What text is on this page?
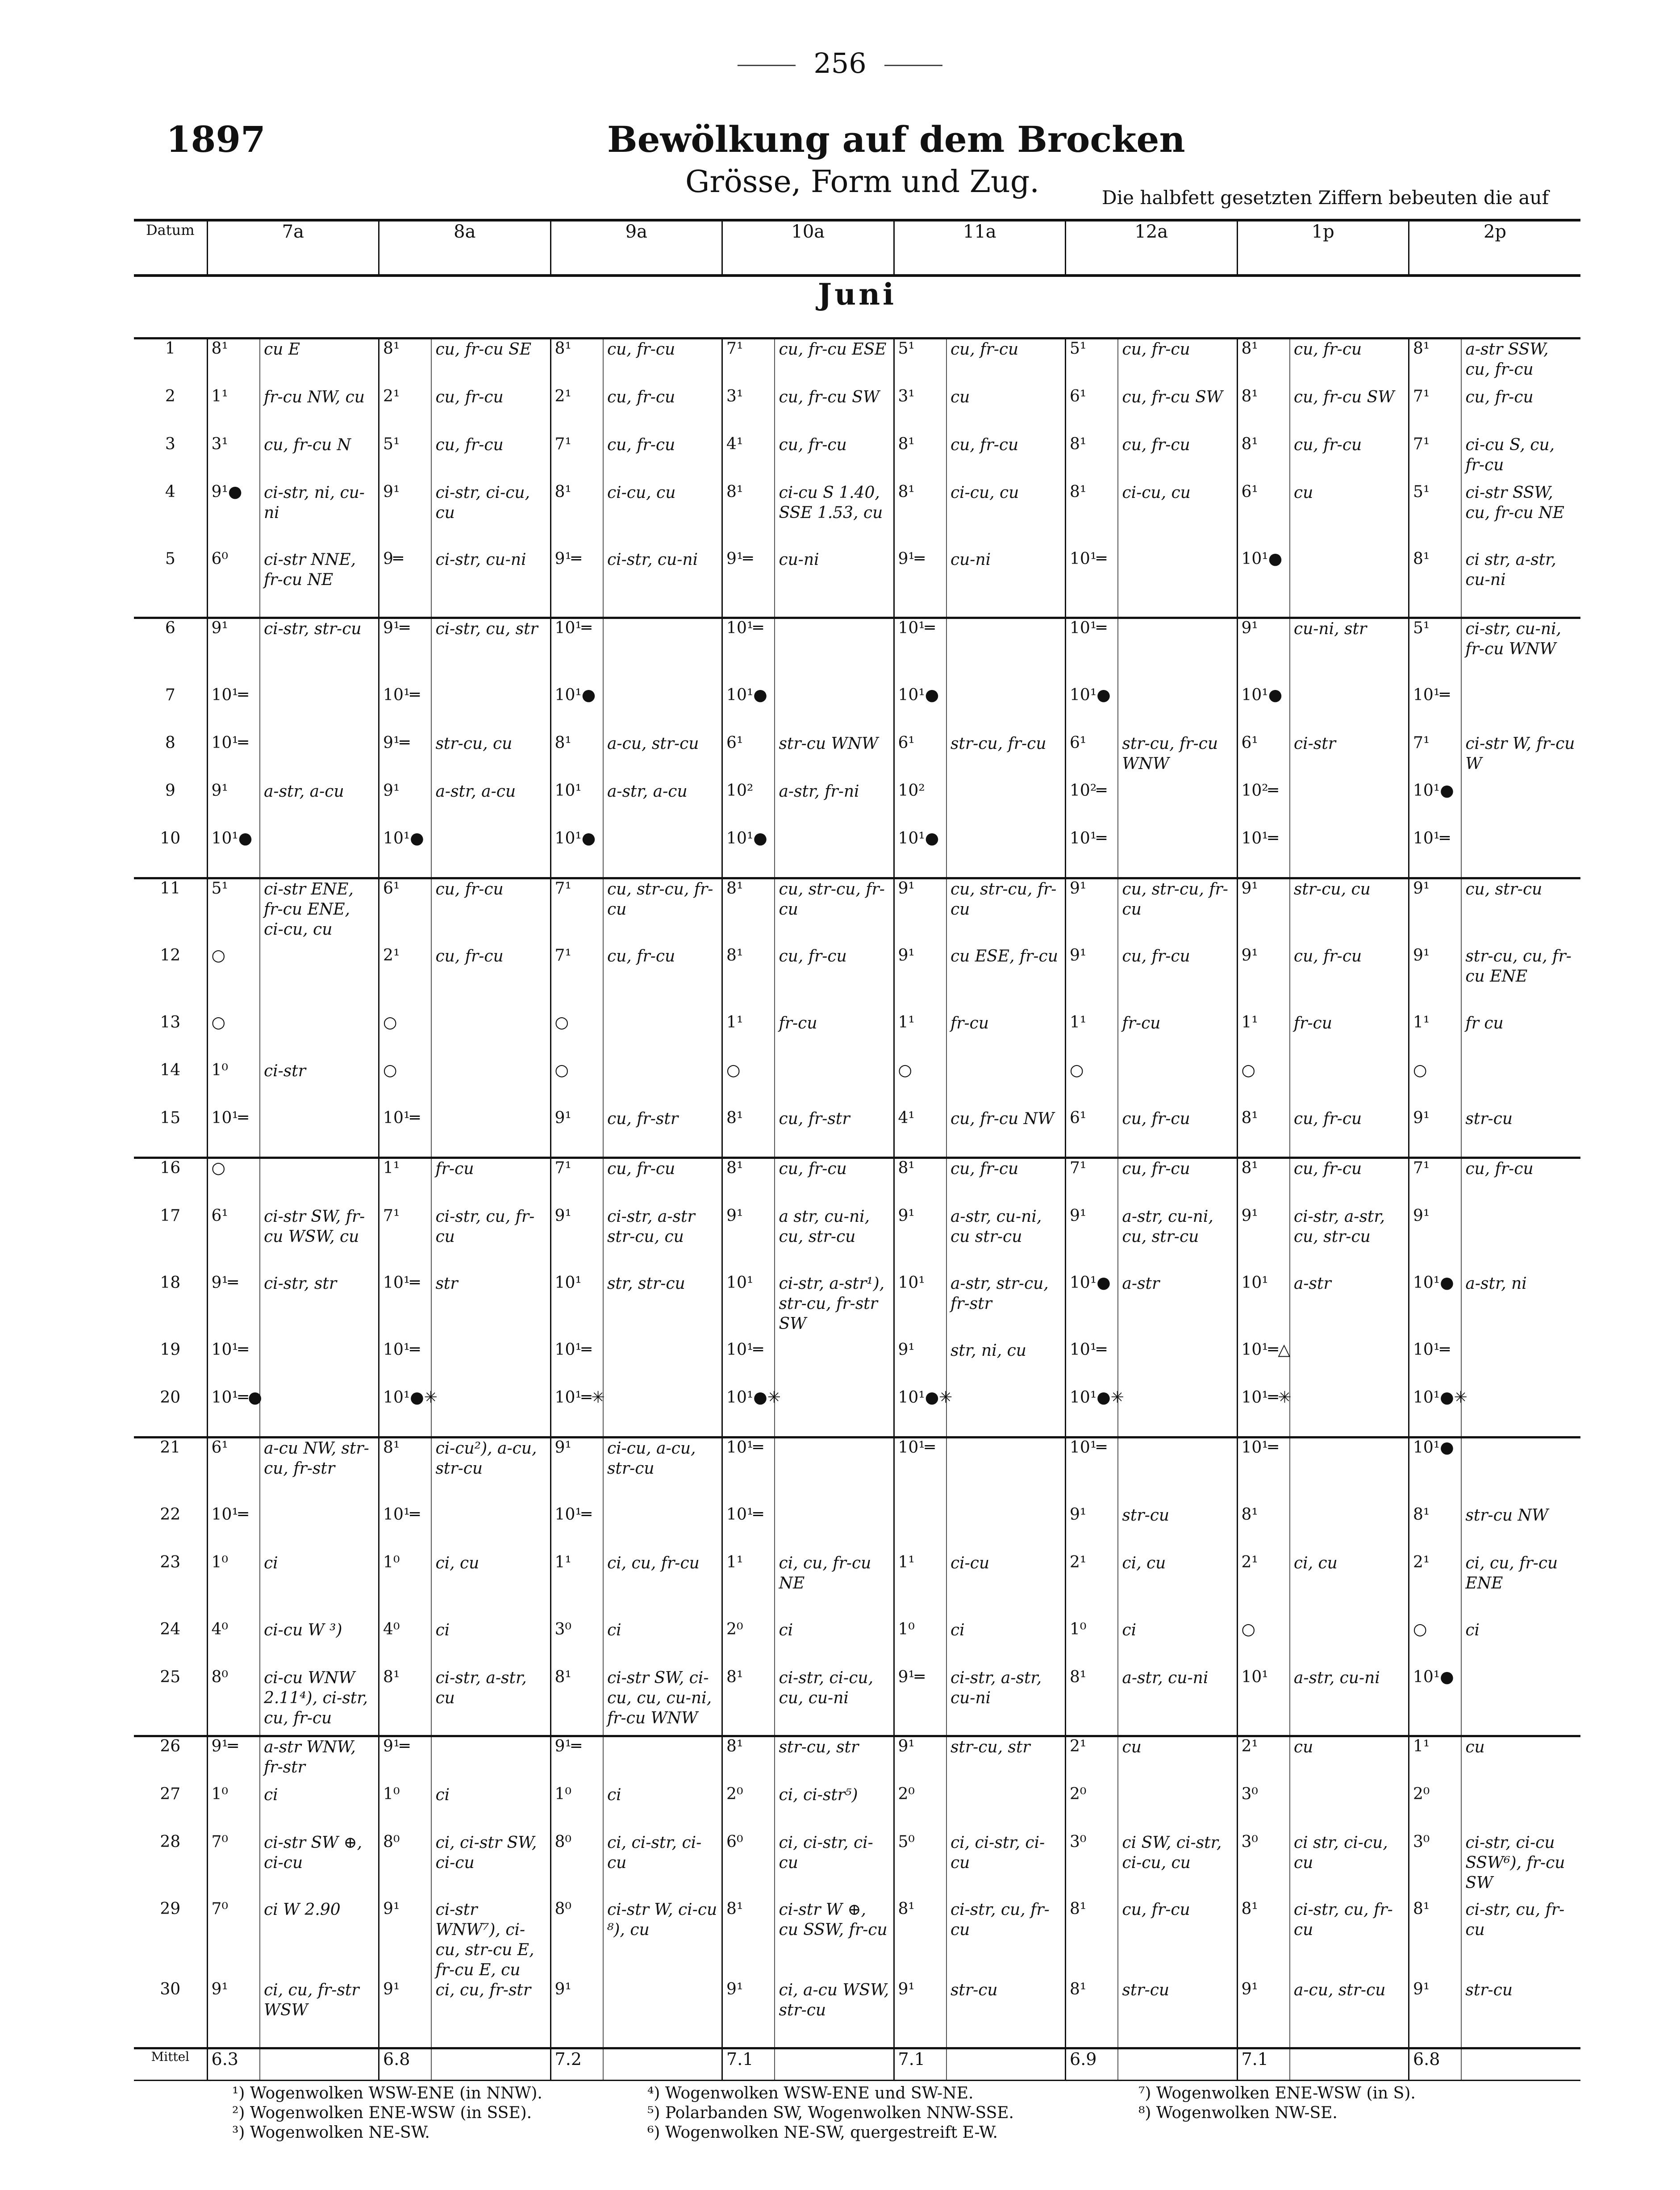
256
1897	Bewölkung auf dem Brocken
Grösse, Form und Zug.	Die halbfett gesetzten Ziffern bebeuten die auf
Datum	7a		8a		9a		10a		11a		12a		1p		2p	
Juni																
1	8¹	cu E	8¹	cu, fr-cu SE	8¹	cu, fr-cu	7¹	cu, fr-cu ESE	5¹	cu, fr-cu	5¹	cu, fr-cu	8¹	cu, fr-cu	8¹	a-str SSW, cu, fr-cu
2	1¹	fr-cu NW, cu	2¹	cu, fr-cu	2¹	cu, fr-cu	3¹	cu, fr-cu SW	3¹	cu	6¹	cu, fr-cu SW	8¹	cu, fr-cu SW	7¹	cu, fr-cu
3	3¹	cu, fr-cu N	5¹	cu, fr-cu	7¹	cu, fr-cu	4¹	cu, fr-cu	8¹	cu, fr-cu	8¹	cu, fr-cu	8¹	cu, fr-cu	7¹	ci-cu S, cu, fr-cu
4	9¹●	ci-str, ni, cu-ni	9¹	ci-str, ci-cu, cu	8¹	ci-cu, cu	8¹	ci-cu S 1.40, SSE 1.53, cu	8¹	ci-cu, cu	8¹	ci-cu, cu	6¹	cu	5¹	ci-str SSW, cu, fr-cu NE
5	6⁰	ci-str NNE, fr-cu NE	9═	ci-str, cu-ni	9¹═	ci-str, cu-ni	9¹═	cu-ni	9¹═	cu-ni	10¹═		10¹●		8¹	ci str, a-str, cu-ni
6	9¹	ci-str, str-cu	9¹═	ci-str, cu, str	10¹═		10¹═		10¹═		10¹═		9¹	cu-ni, str	5¹	ci-str, cu-ni, fr-cu WNW
7	10¹═		10¹═		10¹●		10¹●		10¹●		10¹●		10¹●		10¹═	
8	10¹═		9¹═	str-cu, cu	8¹	a-cu, str-cu	6¹	str-cu WNW	6¹	str-cu, fr-cu	6¹	str-cu, fr-cu WNW	6¹	ci-str	7¹	ci-str W, fr-cu W
9	9¹	a-str, a-cu	9¹	a-str, a-cu	10¹	a-str, a-cu	10²	a-str, fr-ni	10²		10²═		10²═		10¹●	
10	10¹●		10¹●		10¹●		10¹●		10¹●		10¹═		10¹═		10¹═	
11	5¹	ci-str ENE, fr-cu ENE, ci-cu, cu	6¹	cu, fr-cu	7¹	cu, str-cu, fr-cu	8¹	cu, str-cu, fr-cu	9¹	cu, str-cu, fr-cu	9¹	cu, str-cu, fr-cu	9¹	str-cu, cu	9¹	cu, str-cu
12	○		2¹	cu, fr-cu	7¹	cu, fr-cu	8¹	cu, fr-cu	9¹	cu ESE, fr-cu	9¹	cu, fr-cu	9¹	cu, fr-cu	9¹	str-cu, cu, fr-cu ENE
13	○		○		○		1¹	fr-cu	1¹	fr-cu	1¹	fr-cu	1¹	fr-cu	1¹	fr cu
14	1⁰	ci-str	○		○		○		○		○		○		○	
15	10¹═		10¹═		9¹	cu, fr-str	8¹	cu, fr-str	4¹	cu, fr-cu NW	6¹	cu, fr-cu	8¹	cu, fr-cu	9¹	str-cu
16	○		1¹	fr-cu	7¹	cu, fr-cu	8¹	cu, fr-cu	8¹	cu, fr-cu	7¹	cu, fr-cu	8¹	cu, fr-cu	7¹	cu, fr-cu
17	6¹	ci-str SW, fr-cu WSW, cu	7¹	ci-str, cu, fr-cu	9¹	ci-str, a-str str-cu, cu	9¹	a str, cu-ni, cu, str-cu	9¹	a-str, cu-ni, cu str-cu	9¹	a-str, cu-ni, cu, str-cu	9¹	ci-str, a-str, cu, str-cu	9¹	
18	9¹═	ci-str, str	10¹═	str	10¹	str, str-cu	10¹	ci-str, a-str¹), str-cu, fr-str SW	10¹	a-str, str-cu, fr-str	10¹●	a-str	10¹	a-str	10¹●	a-str, ni
19	10¹═		10¹═		10¹═		10¹═		9¹	str, ni, cu	10¹═		10¹═△		10¹═	
20	10¹═●		10¹●✳		10¹═✳		10¹●✳		10¹●✳		10¹●✳		10¹═✳		10¹●✳	
21	6¹	a-cu NW, str-cu, fr-str	8¹	ci-cu²), a-cu, str-cu	9¹	ci-cu, a-cu, str-cu	10¹═		10¹═		10¹═		10¹═		10¹●	
22	10¹═		10¹═		10¹═		10¹═				9¹	str-cu	8¹		8¹	str-cu NW
23	1⁰	ci	1⁰	ci, cu	1¹	ci, cu, fr-cu	1¹	ci, cu, fr-cu NE	1¹	ci-cu	2¹	ci, cu	2¹	ci, cu	2¹	ci, cu, fr-cu ENE
24	4⁰	ci-cu W ³)	4⁰	ci	3⁰	ci	2⁰	ci	1⁰	ci	1⁰	ci	○		○	ci
25	8⁰	ci-cu WNW 2.11⁴), ci-str, cu, fr-cu	8¹	ci-str, a-str, cu	8¹	ci-str SW, ci-cu, cu, cu-ni, fr-cu WNW	8¹	ci-str, ci-cu, cu, cu-ni	9¹═	ci-str, a-str, cu-ni	8¹	a-str, cu-ni	10¹	a-str, cu-ni	10¹●	
26	9¹═	a-str WNW, fr-str	9¹═		9¹═		8¹	str-cu, str	9¹	str-cu, str	2¹	cu	2¹	cu	1¹	cu
27	1⁰	ci	1⁰	ci	1⁰	ci	2⁰	ci, ci-str⁵)	2⁰		2⁰		3⁰		2⁰	
28	7⁰	ci-str SW ⊕, ci-cu	8⁰	ci, ci-str SW, ci-cu	8⁰	ci, ci-str, ci-cu	6⁰	ci, ci-str, ci-cu	5⁰	ci, ci-str, ci-cu	3⁰	ci SW, ci-str, ci-cu, cu	3⁰	ci str, ci-cu, cu	3⁰	ci-str, ci-cu SSW⁶), fr-cu SW
29	7⁰	ci W 2.90	9¹	ci-str WNW⁷), ci-cu, str-cu E, fr-cu E, cu	8⁰	ci-str W, ci-cu ⁸), cu	8¹	ci-str W ⊕, cu SSW, fr-cu	8¹	ci-str, cu, fr-cu	8¹	cu, fr-cu	8¹	ci-str, cu, fr-cu	8¹	ci-str, cu, fr-cu
30	9¹	ci, cu, fr-str WSW	9¹	ci, cu, fr-str	9¹		9¹	ci, a-cu WSW, str-cu	9¹	str-cu	8¹	str-cu	9¹	a-cu, str-cu	9¹	str-cu
Mittel	6.3		6.8		7.2		7.1		7.1		6.9		7.1		6.8	
¹) Wogenwolken WSW-ENE (in NNW).
²) Wogenwolken ENE-WSW (in SSE).
³) Wogenwolken NE-SW.
⁴) Wogenwolken WSW-ENE und SW-NE.
⁵) Polarbanden SW, Wogenwolken NNW-SSE.
⁶) Wogenwolken NE-SW, quergestreift E-W.
⁷) Wogenwolken ENE-WSW (in S).
⁸) Wogenwolken NW-SE.
